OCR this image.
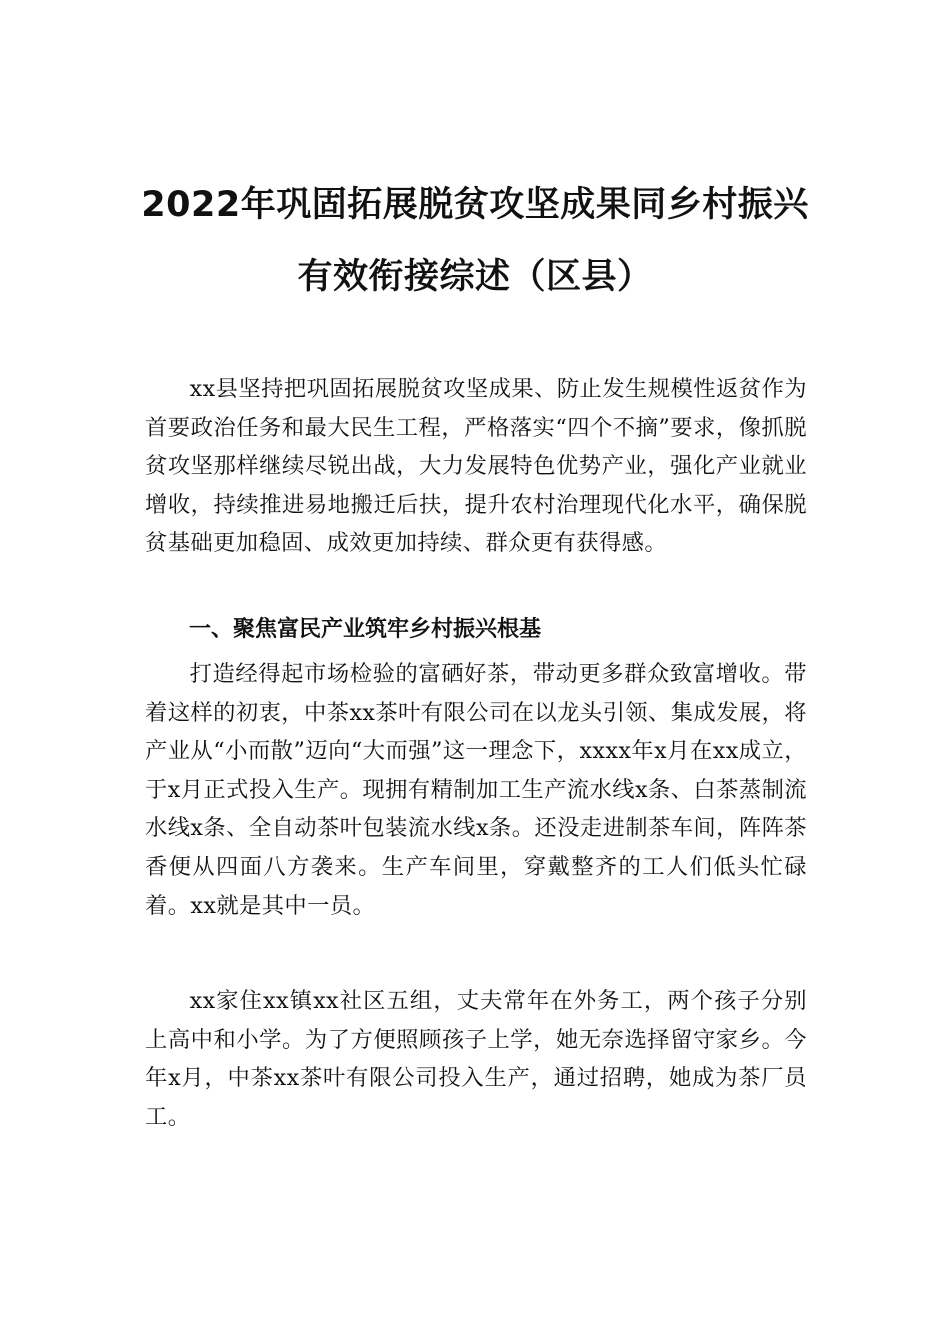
2022年巩固拓展脱贫攻坚成果同乡村振兴
有效衔接综述（区县）

xx县坚持把巩固拓展脱贫攻坚成果、防止发生规模性返贫作为首要政治任务和最大民生工程，严格落实“四个不摘”要求，像抓脱贫攻坚那样继续尽锐出战，大力发展特色优势产业，强化产业就业增收，持续推进易地搬迁后扶，提升农村治理现代化水平，确保脱贫基础更加稳固、成效更加持续、群众更有获得感。

一、聚焦富民产业筑牢乡村振兴根基

打造经得起市场检验的富硒好茶，带动更多群众致富增收。带着这样的初衷，中茶xx茶叶有限公司在以龙头引领、集成发展，将产业从“小而散”迈向“大而强”这一理念下，xxxx年x月在xx成立，于x月正式投入生产。现拥有精制加工生产流水线x条、白茶蒸制流水线x条、全自动茶叶包装流水线x条。还没走进制茶车间，阵阵茶香便从四面八方袭来。生产车间里，穿戴整齐的工人们低头忙碌着。xx就是其中一员。

xx家住xx镇xx社区五组，丈夫常年在外务工，两个孩子分别上高中和小学。为了方便照顾孩子上学，她无奈选择留守家乡。今年x月，中茶xx茶叶有限公司投入生产，通过招聘，她成为茶厂员工。
